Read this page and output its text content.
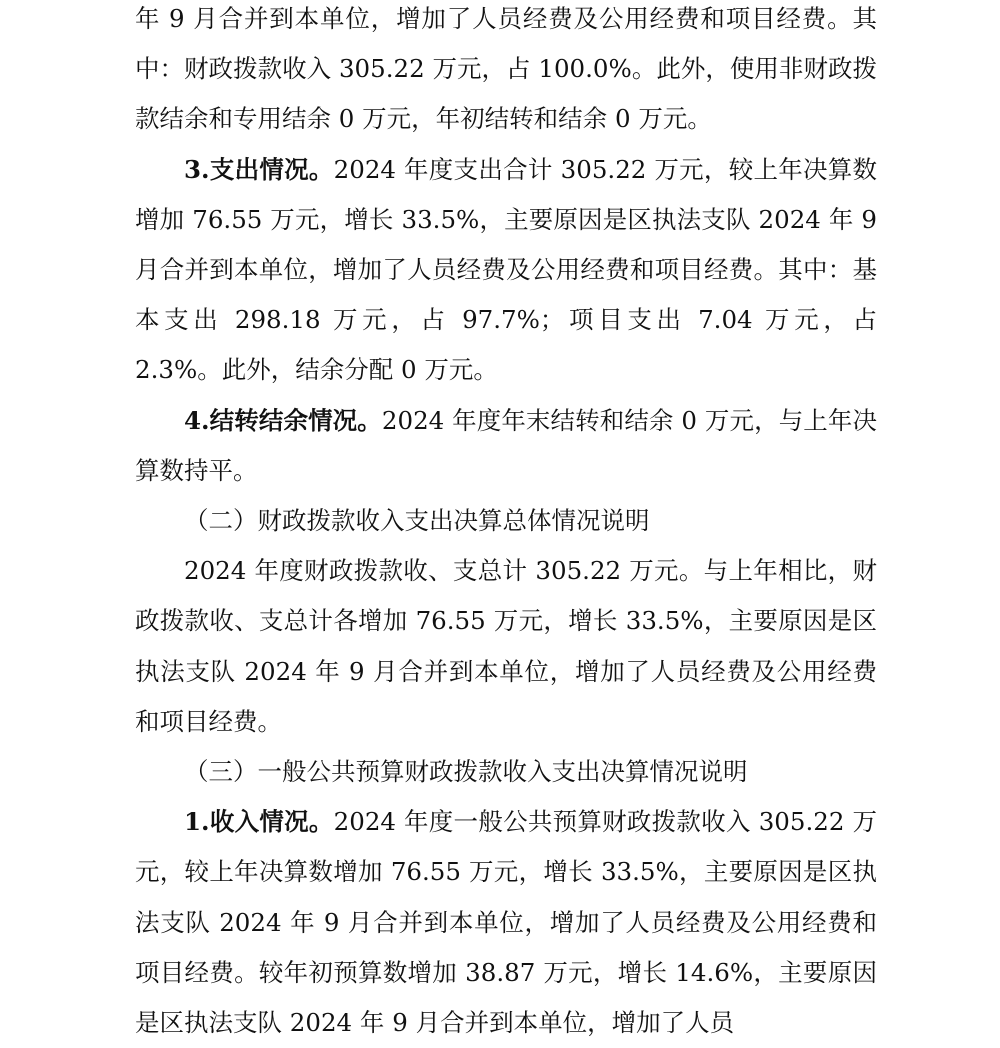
年 9 月合并到本单位，增加了人员经费及公用经费和项目经费。其中：财政拨款收入 305.22 万元，占 100.0%。此外，使用非财政拨款结余和专用结余 0 万元，年初结转和结余 0 万元。

3.支出情况。2024 年度支出合计 305.22 万元，较上年决算数增加 76.55 万元，增长 33.5%，主要原因是区执法支队 2024 年 9 月合并到本单位，增加了人员经费及公用经费和项目经费。其中：基本支出 298.18 万元，占 97.7%；项目支出 7.04 万元，占 2.3%。此外，结余分配 0 万元。

4.结转结余情况。2024 年度年末结转和结余 0 万元，与上年决算数持平。

（二）财政拨款收入支出决算总体情况说明

2024 年度财政拨款收、支总计 305.22 万元。与上年相比，财政拨款收、支总计各增加 76.55 万元，增长 33.5%，主要原因是区执法支队 2024 年 9 月合并到本单位，增加了人员经费及公用经费和项目经费。

（三）一般公共预算财政拨款收入支出决算情况说明

1.收入情况。2024 年度一般公共预算财政拨款收入 305.22 万元，较上年决算数增加 76.55 万元，增长 33.5%，主要原因是区执法支队 2024 年 9 月合并到本单位，增加了人员经费及公用经费和项目经费。较年初预算数增加 38.87 万元，增长 14.6%，主要原因是区执法支队 2024 年 9 月合并到本单位，增加了人员
